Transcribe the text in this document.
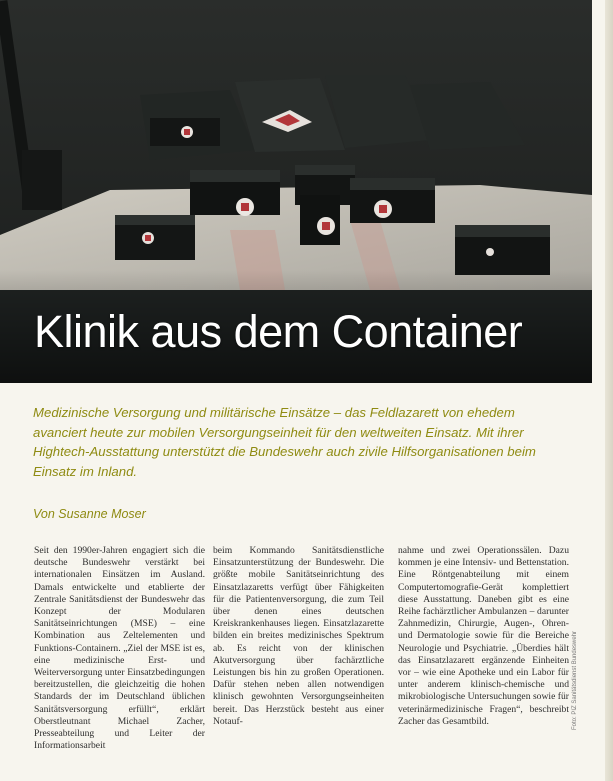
Klinik aus dem Container
Medizinische Versorgung und militärische Einsätze – das Feldlazarett von ehedem avanciert heute zur mobilen Versorgungseinheit für den weltweiten Einsatz. Mit ihrer Hightech-Ausstattung unterstützt die Bundeswehr auch zivile Hilfsorganisationen beim Einsatz im Inland.
Von Susanne Moser
Seit den 1990er-Jahren engagiert sich die deutsche Bundeswehr verstärkt bei internationalen Einsätzen im Ausland. Damals entwickelte und etablierte der Zentrale Sanitätsdienst der Bundeswehr das Konzept der Modularen Sanitätseinrichtungen (MSE) – eine Kombination aus Zeltelementen und Funktions-Containern. „Ziel der MSE ist es, eine medizinische Erst- und Weiterversorgung unter Einsatzbedingungen bereitzustellen, die gleichzeitig die hohen Standards der im Deutschland üblichen Sanitätsversorgung erfüllt“, erklärt Oberstleutnant Michael Zacher, Presseabteilung und Leiter der Informationsarbeit
beim Kommando Sanitätsdienstliche Einsatzunterstützung der Bundeswehr. Die größte mobile Sanitätseinrichtung des Einsatzlazaretts verfügt über Fähigkeiten für die Patientenversorgung, die zum Teil über denen eines deutschen Kreiskrankenhauses liegen. Einsatzlazarette bilden ein breites medizinisches Spektrum ab. Es reicht von der klinischen Akutversorgung über fachärztliche Leistungen bis hin zu großen Operationen. Dafür stehen neben allen notwendigen klinisch gewohnten Versorgungseinheiten bereit. Das Herzstück besteht aus einer Notauf-
nahme und zwei Operationssälen. Dazu kommen je eine Intensiv- und Bettenstation. Eine Röntgenabteilung mit einem Computertomografie-Gerät komplettiert diese Ausstattung. Daneben gibt es eine Reihe fachärztlicher Ambulanzen – darunter Zahnmedizin, Chirurgie, Augen-, Ohren- und Dermatologie sowie für die Bereiche Neurologie und Psychiatrie. „Überdies hält das Einsatzlazarett ergänzende Einheiten vor – wie eine Apotheke und ein Labor für unter anderem klinisch-chemische und mikrobiologische Untersuchungen sowie für veterinärmedizinische Fragen“, beschreibt Zacher das Gesamtbild.	Foto: PIZ Sanitätsdienst Bundeswehr
